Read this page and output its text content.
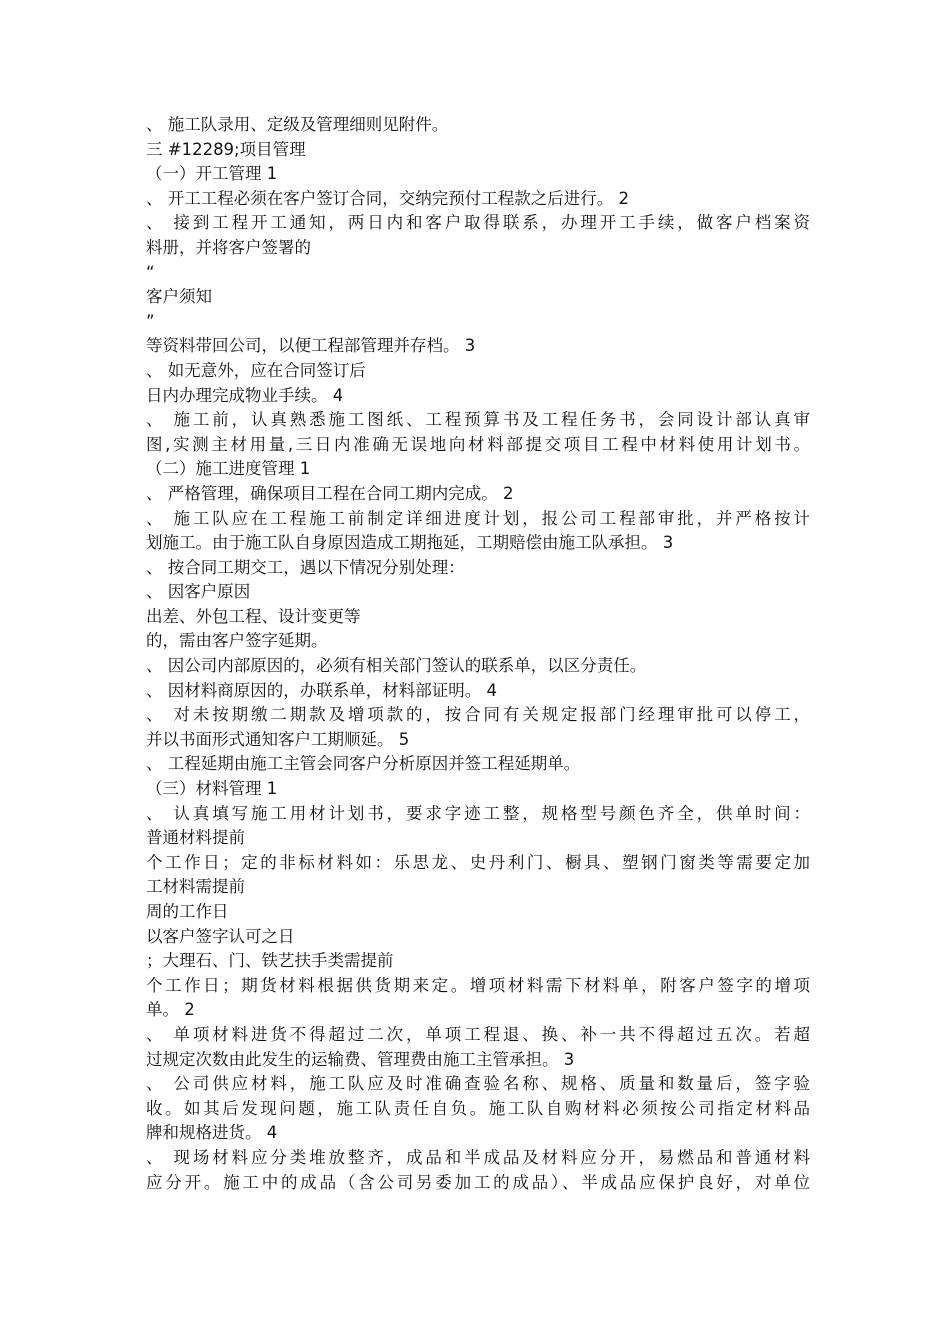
、 施工队录用、定级及管理细则见附件。
三 #12289;项目管理
（一）开工管理 1
、 开工工程必须在客户签订合同，交纳完预付工程款之后进行。 2
、 接到工程开工通知，两日内和客户取得联系，办理开工手续，做客户档案资
料册，并将客户签署的
“
客户须知
”
等资料带回公司，以便工程部管理并存档。 3
、 如无意外，应在合同签订后
日内办理完成物业手续。 4
、 施工前，认真熟悉施工图纸、工程预算书及工程任务书，会同设计部认真审
图,实测主材用量,三日内准确无误地向材料部提交项目工程中材料使用计划书。
（二）施工进度管理 1
、 严格管理，确保项目工程在合同工期内完成。 2
、 施工队应在工程施工前制定详细进度计划，报公司工程部审批，并严格按计
划施工。由于施工队自身原因造成工期拖延，工期赔偿由施工队承担。 3
、 按合同工期交工，遇以下情况分别处理：
、 因客户原因
出差、外包工程、设计变更等
的，需由客户签字延期。
、 因公司内部原因的，必须有相关部门签认的联系单，以区分责任。
、 因材料商原因的，办联系单，材料部证明。 4
、 对未按期缴二期款及增项款的，按合同有关规定报部门经理审批可以停工，
并以书面形式通知客户工期顺延。 5
、 工程延期由施工主管会同客户分析原因并签工程延期单。
（三）材料管理 1
、 认真填写施工用材计划书，要求字迹工整，规格型号颜色齐全，供单时间：
普通材料提前
个工作日；定的非标材料如：乐思龙、史丹利门、橱具、塑钢门窗类等需要定加
工材料需提前
周的工作日
以客户签字认可之日
；大理石、门、铁艺扶手类需提前
个工作日；期货材料根据供货期来定。增项材料需下材料单，附客户签字的增项
单。 2
、 单项材料进货不得超过二次，单项工程退、换、补一共不得超过五次。若超
过规定次数由此发生的运输费、管理费由施工主管承担。 3
、 公司供应材料，施工队应及时准确查验名称、规格、质量和数量后，签字验
收。如其后发现问题，施工队责任自负。施工队自购材料必须按公司指定材料品
牌和规格进货。 4
、 现场材料应分类堆放整齐，成品和半成品及材料应分开，易燃品和普通材料
应分开。施工中的成品（含公司另委加工的成品）、半成品应保护良好，对单位
